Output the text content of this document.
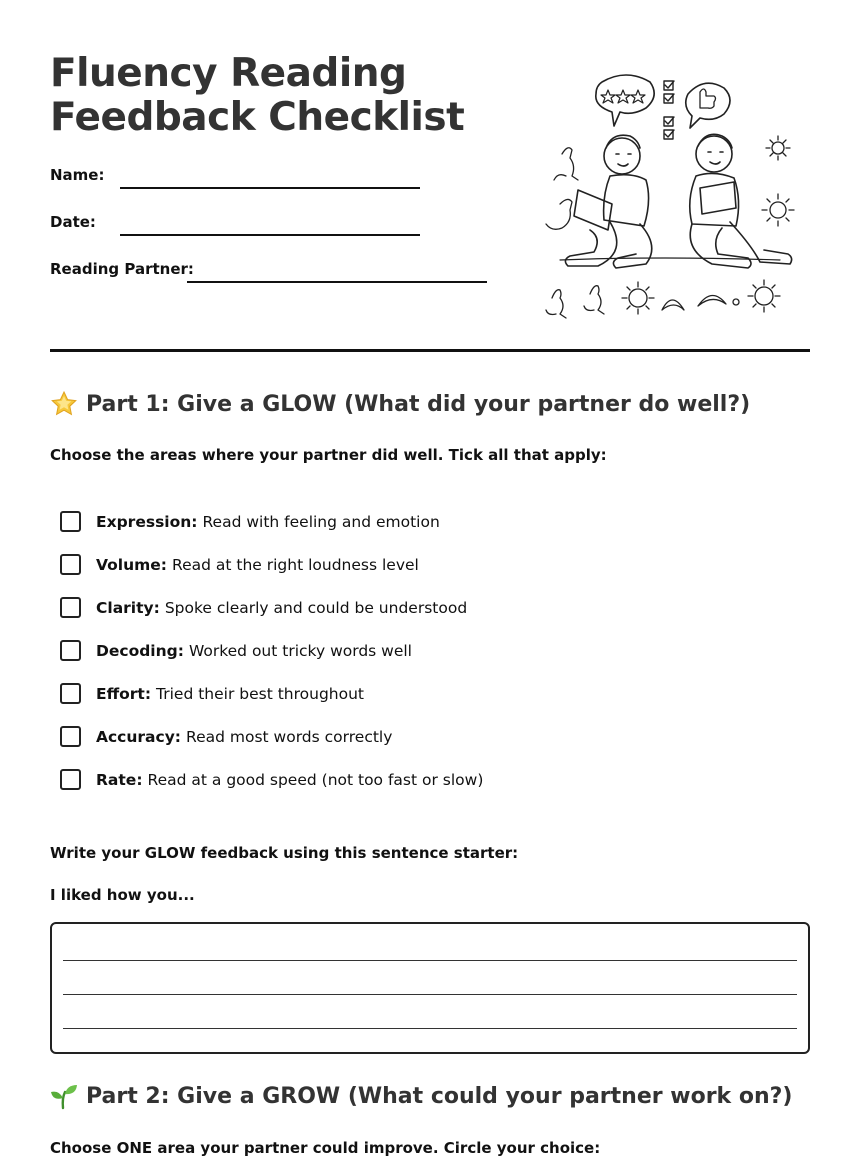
Fluency Reading
Feedback Checklist
Name:
Date:
Reading Partner:
Part 1: Give a GLOW (What did your partner do well?)

Choose the areas where your partner did well. Tick all that apply:

Expression: Read with feeling and emotion
Volume: Read at the right loudness level
Clarity: Spoke clearly and could be understood
Decoding: Worked out tricky words well
Effort: Tried their best throughout
Accuracy: Read most words correctly
Rate: Read at a good speed (not too fast or slow)

Write your GLOW feedback using this sentence starter:

I liked how you...

Part 2: Give a GROW (What could your partner work on?)

Choose ONE area your partner could improve. Circle your choice:
